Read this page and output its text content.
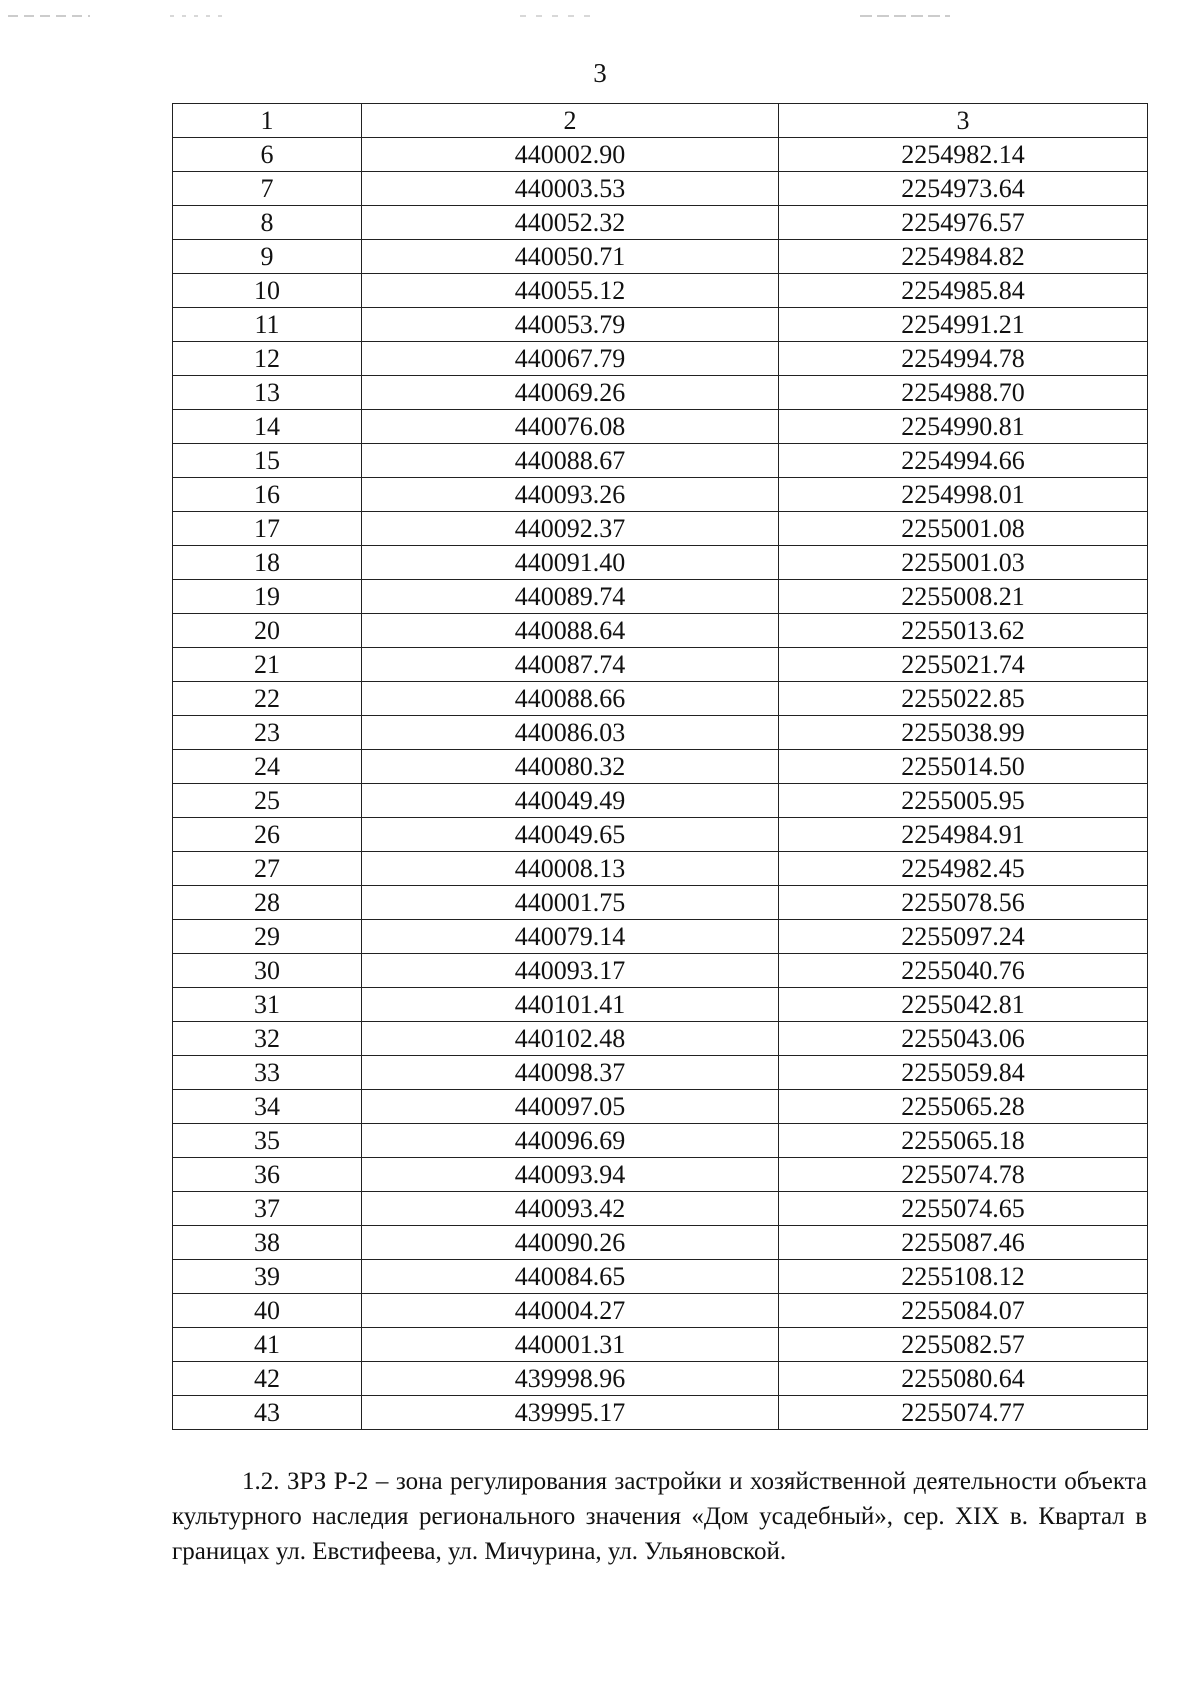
3
1	2	3
6	440002.90	2254982.14
7	440003.53	2254973.64
8	440052.32	2254976.57
9	440050.71	2254984.82
10	440055.12	2254985.84
11	440053.79	2254991.21
12	440067.79	2254994.78
13	440069.26	2254988.70
14	440076.08	2254990.81
15	440088.67	2254994.66
16	440093.26	2254998.01
17	440092.37	2255001.08
18	440091.40	2255001.03
19	440089.74	2255008.21
20	440088.64	2255013.62
21	440087.74	2255021.74
22	440088.66	2255022.85
23	440086.03	2255038.99
24	440080.32	2255014.50
25	440049.49	2255005.95
26	440049.65	2254984.91
27	440008.13	2254982.45
28	440001.75	2255078.56
29	440079.14	2255097.24
30	440093.17	2255040.76
31	440101.41	2255042.81
32	440102.48	2255043.06
33	440098.37	2255059.84
34	440097.05	2255065.28
35	440096.69	2255065.18
36	440093.94	2255074.78
37	440093.42	2255074.65
38	440090.26	2255087.46
39	440084.65	2255108.12
40	440004.27	2255084.07
41	440001.31	2255082.57
42	439998.96	2255080.64
43	439995.17	2255074.77

1.2. ЗРЗ Р-2 – зона регулирования застройки и хозяйственной деятельности объекта культурного наследия регионального значения «Дом усадебный», сер. XIX в. Квартал в границах ул. Евстифеева, ул. Мичурина, ул. Ульяновской.
